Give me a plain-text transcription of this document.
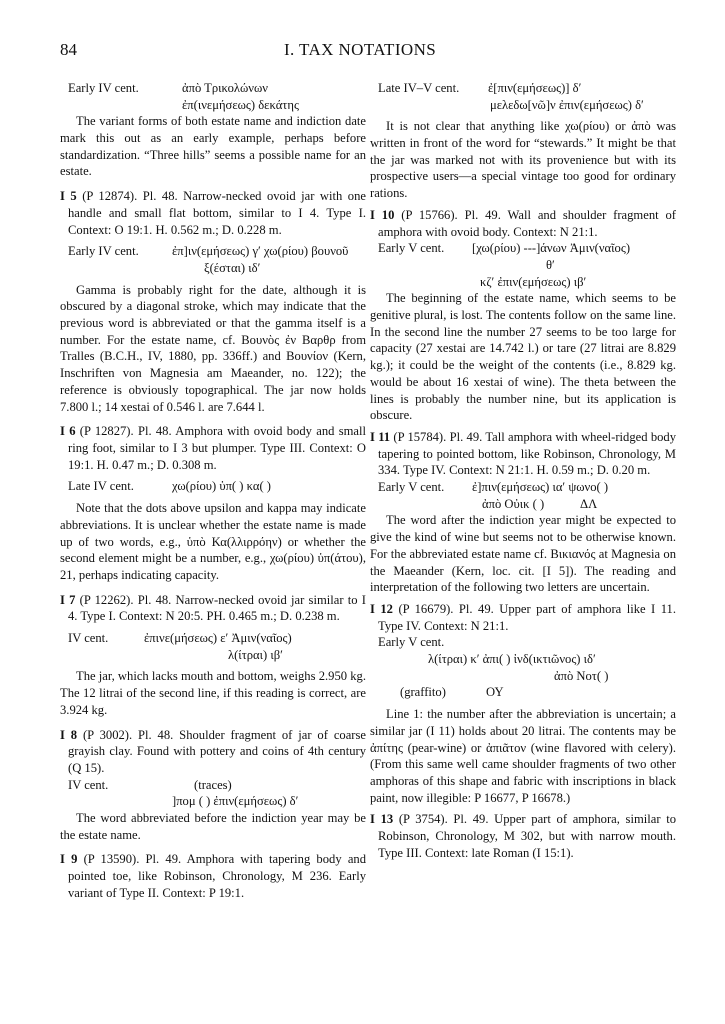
84	I. TAX NOTATIONS
Early IV cent.	ἀπὸ Τρικολώνων
ἐπ(ινεμήσεως) δεκάτης

The variant forms of both estate name and indiction date mark this out as an early example, perhaps before standardization. “Three hills” seems a possible name for an estate.

I 5 (P 12874). Pl. 48. Narrow-necked ovoid jar with one handle and small flat bottom, similar to I 4. Type I. Context: O 19:1. H. 0.562 m.; D. 0.228 m.

Early IV cent.	ἐπ]ιν(εμήσεως) γ′ χω(ρίου) βουνοῦ
ξ(έσται) ιδ′

Gamma is probably right for the date, although it is obscured by a diagonal stroke, which may indicate that the previous word is abbreviated or that the gamma itself is a number. For the estate name, cf. Βουνὸς ἐν Βαρθρ from Tralles (B.C.H., IV, 1880, pp. 336ff.) and Βουνίον (Kern, Inschriften von Magnesia am Maeander, no. 122); the reference is obviously topographical. The jar now holds 7.800 l.; 14 xestai of 0.546 l. are 7.644 l.

I 6 (P 12827). Pl. 48. Amphora with ovoid body and small ring foot, similar to I 3 but plumper. Type III. Context: O 19:1. H. 0.47 m.; D. 0.308 m.

Late IV cent.	χω(ρίου) ὑπ( ) κα( )

Note that the dots above upsilon and kappa may indicate abbreviations. It is unclear whether the estate name is made up of two words, e.g., ὑπὸ Κα(λλιρρόην) or whether the second element might be a number, e.g., χω(ρίου) ὑπ(άτου), 21, perhaps indicating capacity.

I 7 (P 12262). Pl. 48. Narrow-necked ovoid jar similar to I 4. Type I. Context: N 20:5. PH. 0.465 m.; D. 0.238 m.

IV cent.	ἐπινε(μήσεως) ε′ Ἀμιν(ναῖος)
λ(ίτραι) ιβ′

The jar, which lacks mouth and bottom, weighs 2.950 kg. The 12 litrai of the second line, if this reading is correct, are 3.924 kg.

I 8 (P 3002). Pl. 48. Shoulder fragment of jar of coarse grayish clay. Found with pottery and coins of 4th century (Q 15).

IV cent.	(traces)
]πομ ( ) ἐπιν(εμήσεως) δ′

The word abbreviated before the indiction year may be the estate name.

I 9 (P 13590). Pl. 49. Amphora with tapering body and pointed toe, like Robinson, Chronology, M 236. Early variant of Type II. Context: P 19:1.

Late IV–V cent. ἐ[πιν(εμήσεως)] δ′
μελεδω[νῶ]ν ἐπιν(εμήσεως) δ′

It is not clear that anything like χω(ρίου) or ἀπὸ was written in front of the word for “stewards.” It might be that the jar was marked not with its provenience but with its prospective users—a special vintage too good for ordinary rations.

I 10 (P 15766). Pl. 49. Wall and shoulder fragment of amphora with ovoid body. Context: N 21:1.

Early V cent. [χω(ρίου) ---]άνων Ἀμιν(ναῖος)
θ′
κζ′ ἐπιν(εμήσεως) ιβ′

The beginning of the estate name, which seems to be genitive plural, is lost. The contents follow on the same line. In the second line the number 27 seems to be too large for capacity (27 xestai are 14.742 l.) or tare (27 litrai are 8.829 kg.); it could be the weight of the contents (i.e., 8.829 kg. would be about 16 xestai of wine). The theta between the lines is probably the number nine, but its application is obscure.

I 11 (P 15784). Pl. 49. Tall amphora with wheel-ridged body tapering to pointed bottom, like Robinson, Chronology, M 334. Type IV. Context: N 21:1. H. 0.59 m.; D. 0.20 m.

Early V cent. ἐ]πιν(εμήσεως) ια′ ψωνο( )
ἀπὸ Οὐικ ( )	ΔΛ

The word after the indiction year might be expected to give the kind of wine but seems not to be otherwise known. For the abbreviated estate name cf. Βικιανός at Magnesia on the Maeander (Kern, loc. cit. [I 5]). The reading and interpretation of the following two letters are uncertain.

I 12 (P 16679). Pl. 49. Upper part of amphora like I 11. Type IV. Context: N 21:1.

Early V cent.
λ(ίτραι) κ′ ἀπι( ) ἰνδ(ικτιῶνος) ιδ′
ἀπὸ Νοτ( )
(graffito)	ΟΥ

Line 1: the number after the abbreviation is uncertain; a similar jar (I 11) holds about 20 litrai. The contents may be ἀπίτης (pear-wine) or ἀπιᾶτον (wine flavored with celery). (From this same well came shoulder fragments of two other amphoras of this shape and fabric with inscriptions in black paint, now illegible: P 16677, P 16678.)

I 13 (P 3754). Pl. 49. Upper part of amphora, similar to Robinson, Chronology, M 302, but with narrow mouth. Type III. Context: late Roman (I 15:1).
